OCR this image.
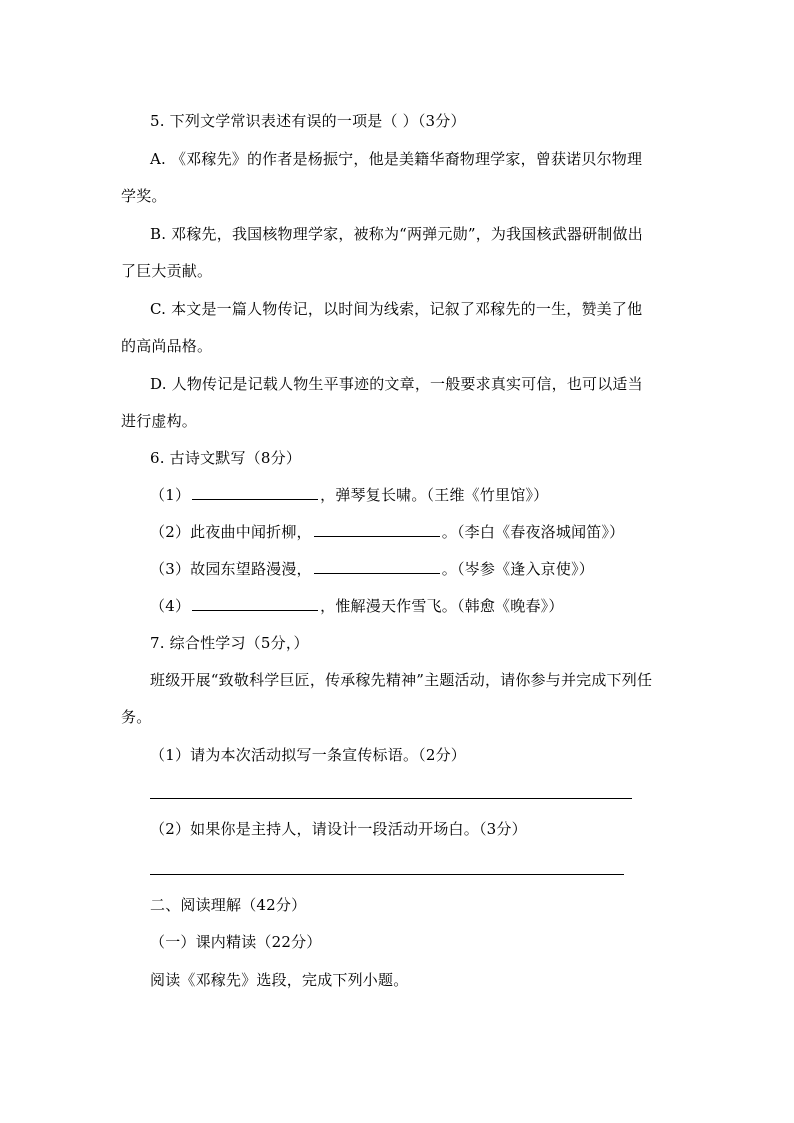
5. 下列文学常识表述有误的一项是（ ）（3分）
A. 《邓稼先》的作者是杨振宁，他是美籍华裔物理学家，曾获诺贝尔物理
学奖。
B. 邓稼先，我国核物理学家，被称为“两弹元勋”，为我国核武器研制做出
了巨大贡献。
C. 本文是一篇人物传记，以时间为线索，记叙了邓稼先的一生，赞美了他
的高尚品格。
D. 人物传记是记载人物生平事迹的文章，一般要求真实可信，也可以适当
进行虚构。
6. 古诗文默写（8分）
（1）	，弹琴复长啸。（王维《竹里馆》）
（2）此夜曲中闻折柳，	。（李白《春夜洛城闻笛》）
（3）故园东望路漫漫，	。（岑参《逢入京使》）
（4）	，惟解漫天作雪飞。（韩愈《晚春》）
7. 综合性学习（5分，）
班级开展“致敬科学巨匠，传承稼先精神”主题活动，请你参与并完成下列任
务。
（1）请为本次活动拟写一条宣传标语。（2分）
（2）如果你是主持人，请设计一段活动开场白。（3分）
二、阅读理解（42分）
（一）课内精读（22分）
阅读《邓稼先》选段，完成下列小题。
